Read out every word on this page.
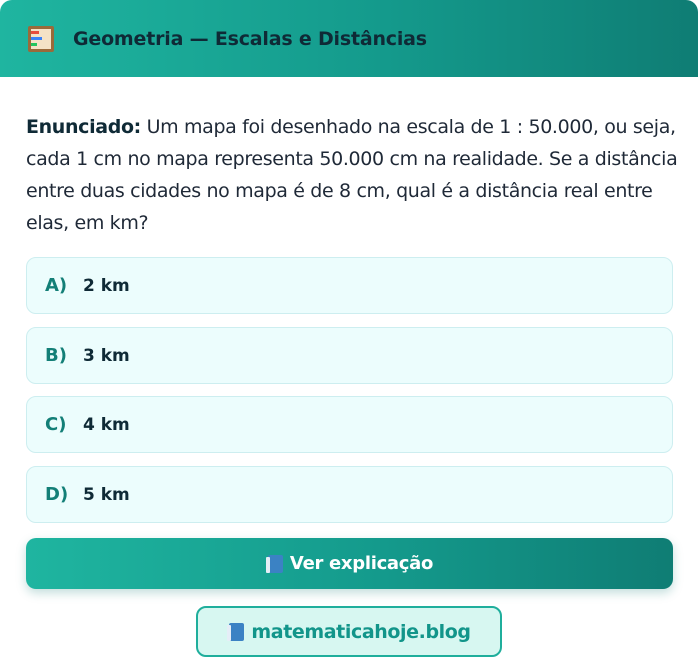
Geometria — Escalas e Distâncias

Enunciado: Um mapa foi desenhado na escala de 1 : 50.000, ou seja, cada 1 cm no mapa representa 50.000 cm na realidade. Se a distância entre duas cidades no mapa é de 8 cm, qual é a distância real entre elas, em km?

A) 2 km
B) 3 km
C) 4 km
D) 5 km
Ver explicação
matematicahoje.blog
